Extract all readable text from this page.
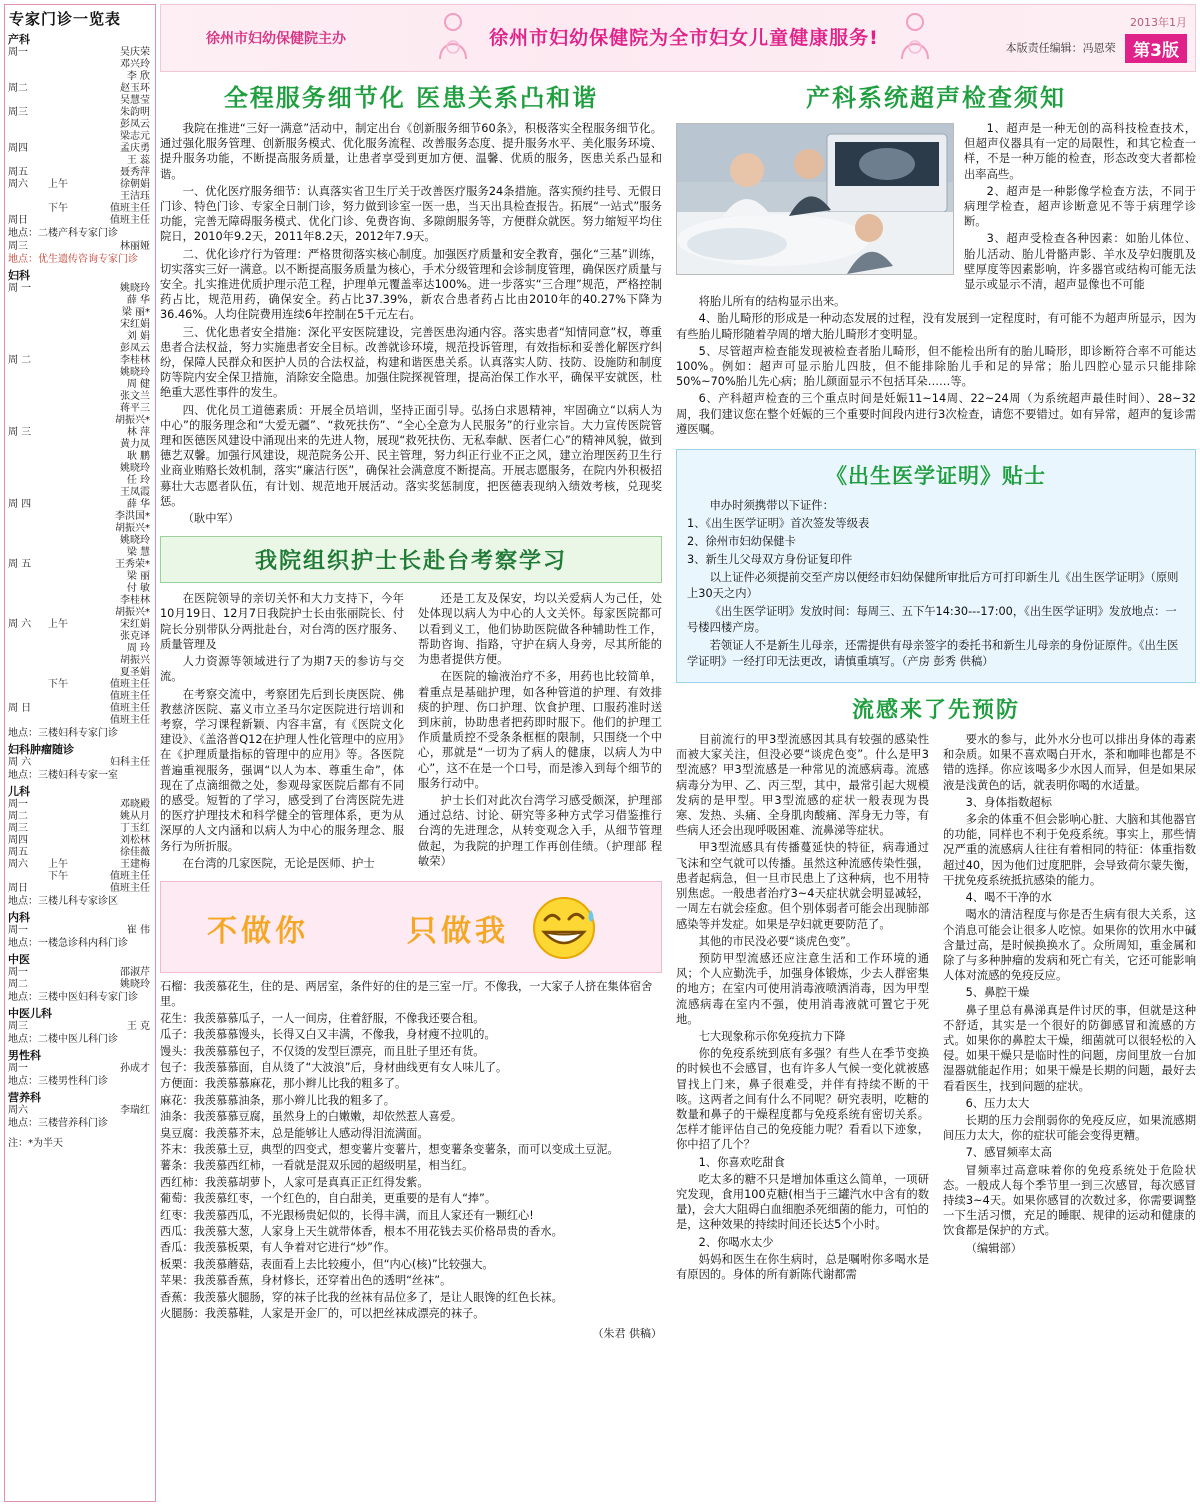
专家门诊一览表
产科
周一	吴庆荣
邓兴玲
李 欣
周二	赵玉环
吴慧莹
周三	朱韵明
彭凤云
梁志元
周四	孟庆勇
王 蕊
周五	聂秀萍
周六	上午	徐朝娟
王洁珏
下午	值班主任
周日	值班主任
地点：二楼产科专家门诊
周三	林丽娅
地点：优生遗传咨询专家门诊
妇科
周 一	姚晓玲
薛 华
梁 丽*
宋红娟
刘 娟
彭凤云
周 二	李桂林
姚晓玲
周 健
张文兰
蒋平三
胡振兴*
周 三	林 萍
黄力凤
耿 鹏
姚晓玲
任 玲
王凤霞
周 四	薛 华
李洪国*
胡振兴*
姚晓玲
梁 慧
周 五	王秀荣*
梁 丽
付 敏
李桂林
胡振兴*
周 六	上午	宋红娟
张克译
周 玲
胡振兴
夏圣娟
下午	值班主任
值班主任
周 日	值班主任
值班主任
地点：三楼妇科专家门诊
妇科肿瘤随诊
周 六	妇科主任
地点：三楼妇科专家一室
儿科
周一	邓晓殿
周二	姚从月
周三	丁玉红
周四	刘松林
周五	徐佳薇
周六	上午	王建梅
下午	值班主任
周日	值班主任
地点：三楼儿科专家诊区
内科
周一	崔 伟
地点：一楼急诊科内科门诊
中医
周一	邵淑芹
周二	姚晓玲
地点：三楼中医妇科专家门诊
中医儿科
周三	王 克
地点：二楼中医儿科门诊
男性科
周一	孙成才
地点：三楼男性科门诊
营养科
周六	李瑞红
地点：三楼营养科门诊
注：*为半天
徐州市妇幼保健院主办	徐州市妇幼保健院为全市妇女儿童健康服务!
2013年1月
本版责任编辑：冯恩荣 第3版
全程服务细节化 医患关系凸和谐

我院在推进“三好一满意”活动中，制定出台《创新服务细节60条》，积极落实全程服务细节化。通过强化服务管理、创新服务模式、优化服务流程、改善服务态度、提升服务水平、美化服务环境、提升服务功能，不断提高服务质量，让患者享受到更加方便、温馨、优质的服务，医患关系凸显和谐。

一、优化医疗服务细节：认真落实省卫生厅关于改善医疗服务24条措施。落实预约挂号、无假日门诊、特色门诊、专家全日制门诊，努力做到诊室一医一患，当天出具检查报告。拓展“一站式”服务功能，完善无障碍服务模式、优化门诊、免费咨询、多隙朗服务等，方便群众就医。努力缩短平均住院日，2010年9.2天，2011年8.2天，2012年7.9天。

二、优化诊疗行为管理：严格贯彻落实核心制度。加强医疗质量和安全教育，强化“三基”训练，切实落实三好一满意。以不断提高服务质量为核心，手术分级管理和会诊制度管理，确保医疗质量与安全。扎实推进优质护理示范工程，护理单元覆盖率达100%。进一步落实“三合理”规范，严格控制药占比，规范用药，确保安全。药占比37.39%，新农合患者药占比由2010年的40.27%下降为36.46%。人均住院费用连续6年控制在5千元左右。

三、优化患者安全措施：深化平安医院建设，完善医患沟通内容。落实患者“知情同意”权，尊重患者合法权益，努力实施患者安全目标。改善就诊环境，规范投诉管理，有效指标和妥善化解医疗纠纷，保障人民群众和医护人员的合法权益，构建和谐医患关系。认真落实人防、技防、设施防和制度防等院内安全保卫措施，消除安全隐患。加强住院探视管理，提高治保工作水平，确保平安就医，杜绝重大恶性事件的发生。

四、优化员工道德素质：开展全员培训，坚持正面引导。弘扬白求恩精神，牢固确立“以病人为中心”的服务理念和“大爱无疆”、“救死扶伤”、“全心全意为人民服务”的行业宗旨。大力宣传医院管理和医德医风建设中涌现出来的先进人物，展现“救死扶伤、无私奉献、医者仁心”的精神风貌，做到德艺双馨。加强行风建设，规范院务公开、民主管理，努力纠正行业不正之风，建立治理医药卫生行业商业贿赂长效机制，落实“廉洁行医”，确保社会满意度不断提高。开展志愿服务，在院内外积极招募壮大志愿者队伍，有计划、规范地开展活动。落实奖惩制度，把医德表现纳入绩效考核，兑现奖惩。

（耿中军）

我院组织护士长赴台考察学习

在医院领导的亲切关怀和大力支持下，今年10月19日、12月7日我院护士长由张丽院长、付院长分别带队分两批赴台，对台湾的医疗服务、质量管理及

人力资源等领域进行了为期7天的参访与交流。

在考察交流中，考察团先后到长庚医院、佛教慈济医院、嘉义市立圣马尔定医院进行培训和考察，学习课程新颖、内容丰富，有《医院文化建设》、《盖洛普Q12在护理人性化管理中的应用》在《护理质量指标的管理中的应用》等。各医院普遍重视服务，强调“以人为本、尊重生命”，体现在了点滴细微之处，参观母家医院后都有不同的感受。短暂的了学习，感受到了台湾医院先进的医疗护理技术和科学健全的管理体系，更为从深厚的人文内涵和以病人为中心的服务理念、服务行为所折服。

在台湾的几家医院，无论是医师、护士

还是工友及保安，均以关爱病人为己任，处处体现以病人为中心的人文关怀。每家医院都可以看到义工，他们协助医院做各种辅助性工作，帮助咨询、指路，守护在病人身旁，尽其所能的为患者提供方便。

在医院的输液治疗不多，用药也比较简单，着重点是基础护理，如各种管道的护理、有效排痰的护理、伤口护理、饮食护理、口服药准时送到床前，协助患者把药即时服下。他们的护理工作质量质控不受条条框框的限制，只围绕一个中心，那就是“一切为了病人的健康，以病人为中心”，这不在是一个口号，而是渗入到每个细节的服务行动中。

护士长们对此次台湾学习感受颇深，护理部通过总结、讨论、研究等多种方式学习借鉴推行台湾的先进理念，从转变观念入手，从细节管理做起，为我院的护理工作再创佳绩。（护理部 程敏荣）

不做你	只做我

石榴：我羡慕花生，住的是、两居室，条件好的住的是三室一厅。不像我，一大家子人挤在集体宿舍里。

花生：我羡慕慕瓜子，一人一间房，住着舒服，不像我还要合租。

瓜子：我羡慕慕馒头，长得又白又丰满，不像我，身材瘦不拉叽的。

馒头：我羡慕慕包子，不仅烫的发型巨漂亮，而且肚子里还有货。

包子：我羡慕慕面，自从烫了“大波浪”后，身材曲线更有女人味儿了。

方便面：我羡慕慕麻花，那小辫儿比我的粗多了。

麻花：我羡慕慕油条，那小辫儿比我的粗多了。

油条：我羡慕慕豆腐，虽然身上的白嫩嫩，却依然惹人喜爱。

臭豆腐：我羡慕芥末，总是能够让人感动得泪流满面。

芥末：我羡慕土豆，典型的四变式，想变薯片变薯片，想变薯条变薯条，而可以变成土豆泥。

薯条：我羡慕西红柿，一看就是混双乐园的超级明星，相当红。

西红柿：我羡慕胡萝卜，人家可是真真正正红得发紫。

葡萄：我羡慕红枣，一个红色的，自白甜美，更重要的是有人“捧”。

红枣：我羡慕西瓜，不光跟杨贵妃似的，长得丰满，而且人家还有一颗红心!

西瓜：我羡慕大葱，人家身上天生就带体香，根本不用花钱去买价格昂贵的香水。

香瓜：我羡慕板栗，有人争着对它进行“炒”作。

板栗：我羡慕蘑菇，表面看上去比较瘦小，但“内心(核)”比较强大。

苹果：我羡慕香蕉，身材修长，还穿着出色的透明“丝袜”。

香蕉：我羡慕火腿肠，穿的袜子比我的丝袜有品位多了，是让人眼馋的红色长袜。

火腿肠：我羡慕鞋，人家是开金厂的，可以把丝袜成漂亮的袜子。

（朱君 供稿）
产科系统超声检查须知

1、超声是一种无创的高科技检查技术，但超声仪器具有一定的局限性，和其它检查一样，不是一种万能的检查，形态改变大者都检出率高些。

2、超声是一种影像学检查方法，不同于病理学检查，超声诊断意见不等于病理学诊断。

3、超声受检查各种因素：如胎儿体位、胎儿活动、胎儿骨骼声影、羊水及孕妇腹肌及壁厚度等因素影响，许多器官或结构可能无法显示或显示不清，超声显像也不可能

将胎儿所有的结构显示出来。

4、胎儿畸形的形成是一种动态发展的过程，没有发展到一定程度时，有可能不为超声所显示，因为有些胎儿畸形随着孕周的增大胎儿畸形才变明显。

5、尽管超声检查能发现被检查者胎儿畸形，但不能检出所有的胎儿畸形，即诊断符合率不可能达100%。例如：超声可显示胎儿四肢，但不能排除胎儿手和足的异常；胎儿四腔心显示只能排除50%~70%胎儿先心病；胎儿颜面显示不包括耳朵……等。

6、产科超声检查的三个重点时间是妊娠11~14周、22~24周（为系统超声最佳时间）、28~32周，我们建议您在整个妊娠的三个重要时间段内进行3次检查，请您不要错过。如有异常，超声的复诊需遵医嘱。

《出生医学证明》贴士

申办时须携带以下证件：

1、《出生医学证明》首次签发等级表

2、徐州市妇幼保健卡

3、新生儿父母双方身份证复印件

以上证件必须提前交至产房以便经市妇幼保健所审批后方可打印新生儿《出生医学证明》（原则上30天之内）

《出生医学证明》发放时间：每周三、五下午14:30---17:00，《出生医学证明》发放地点：一号楼四楼产房。

若领证人不是新生儿母亲，还需提供有母亲签字的委托书和新生儿母亲的身份证原件。《出生医学证明》一经打印无法更改，请慎重填写。（产房 彭秀 供稿）

流感来了先预防

目前流行的甲3型流感因其具有较强的感染性而被大家关注，但没必要“谈虎色变”。什么是甲3型流感？甲3型流感是一种常见的流感病毒。流感病毒分为甲、乙、丙三型，其中，最常引起大规模发病的是甲型。甲3型流感的症状一般表现为畏寒、发热、头痛、全身肌肉酸痛、浑身无力等，有些病人还会出现呼吸困难、流鼻涕等症状。

甲3型流感具有传播蔓延快的特征，病毒通过飞沫和空气就可以传播。虽然这种流感传染性强，患者起病急，但一旦市民患上了这种病，也不用特别焦虑。一般患者治疗3~4天症状就会明显减轻，一周左右就会痊愈。但个别体弱者可能会出现肺部感染等并发症。如果是孕妇就更要防范了。

其他的市民没必要“谈虎色变”。

预防甲型流感还应注意生活和工作环境的通风；个人应勤洗手，加强身体锻炼，少去人群密集的地方；在室内可使用消毒液喷洒消毒，因为甲型流感病毒在室内不强，使用消毒液就可置它于死地。

七大现象称示你免疫抗力下降

你的免疫系统到底有多强？有些人在季节变换的时候也不会感冒，也有许多人气候一变化就被感冒找上门来，鼻子很难受，并伴有持续不断的干咳。这两者之间有什么不同呢？研究表明，吃糖的数量和鼻子的干燥程度都与免疫系统有密切关系。怎样才能评估自己的免疫能力呢？看看以下迹象，你中招了几个？

1、你喜欢吃甜食

吃太多的糖不只是增加体重这么简单，一项研究发现，食用100克糖(相当于三罐汽水中含有的数量)，会大大阻碍白血细胞杀死细菌的能力，可怕的是，这种效果的持续时间还长达5个小时。

2、你喝水太少

妈妈和医生在你生病时，总是嘱咐你多喝水是有原因的。身体的所有新陈代谢都需

要水的参与，此外水分也可以排出身体的毒素和杂质。如果不喜欢喝白开水，茶和咖啡也都是不错的选择。你应该喝多少水因人而异，但是如果尿液是浅黄色的话，就表明你喝的水适量。

3、身体指数超标

多余的体重不但会影响心脏、大脑和其他器官的功能，同样也不利于免疫系统。事实上，那些情况严重的流感病人往往有着相同的特征：体重指数超过40，因为他们过度肥胖，会导致荷尔蒙失衡，干扰免疫系统抵抗感染的能力。

4、喝不干净的水

喝水的清洁程度与你是否生病有很大关系，这个消息可能会让很多人吃惊。如果你的饮用水中碱含量过高，是时候换换水了。众所周知，重金属和除了与多种肿瘤的发病和死亡有关，它还可能影响人体对流感的免疫反应。

5、鼻腔干燥

鼻子里总有鼻涕真是件讨厌的事，但就是这种不舒适，其实是一个很好的防御感冒和流感的方式。如果你的鼻腔太干燥，细菌就可以很轻松的入侵。如果干燥只是临时性的问题，房间里放一台加湿器就能起作用；如果干燥是长期的问题，最好去看看医生，找到问题的症状。

6、压力太大

长期的压力会削弱你的免疫反应，如果流感期间压力太大，你的症状可能会变得更糟。

7、感冒频率太高

冒频率过高意味着你的免疫系统处于危险状态。一般成人每个季节里一到三次感冒，每次感冒持续3~4天。如果你感冒的次数过多，你需要调整一下生活习惯，充足的睡眠、规律的运动和健康的饮食都是保护的方式。

（编辑部）
